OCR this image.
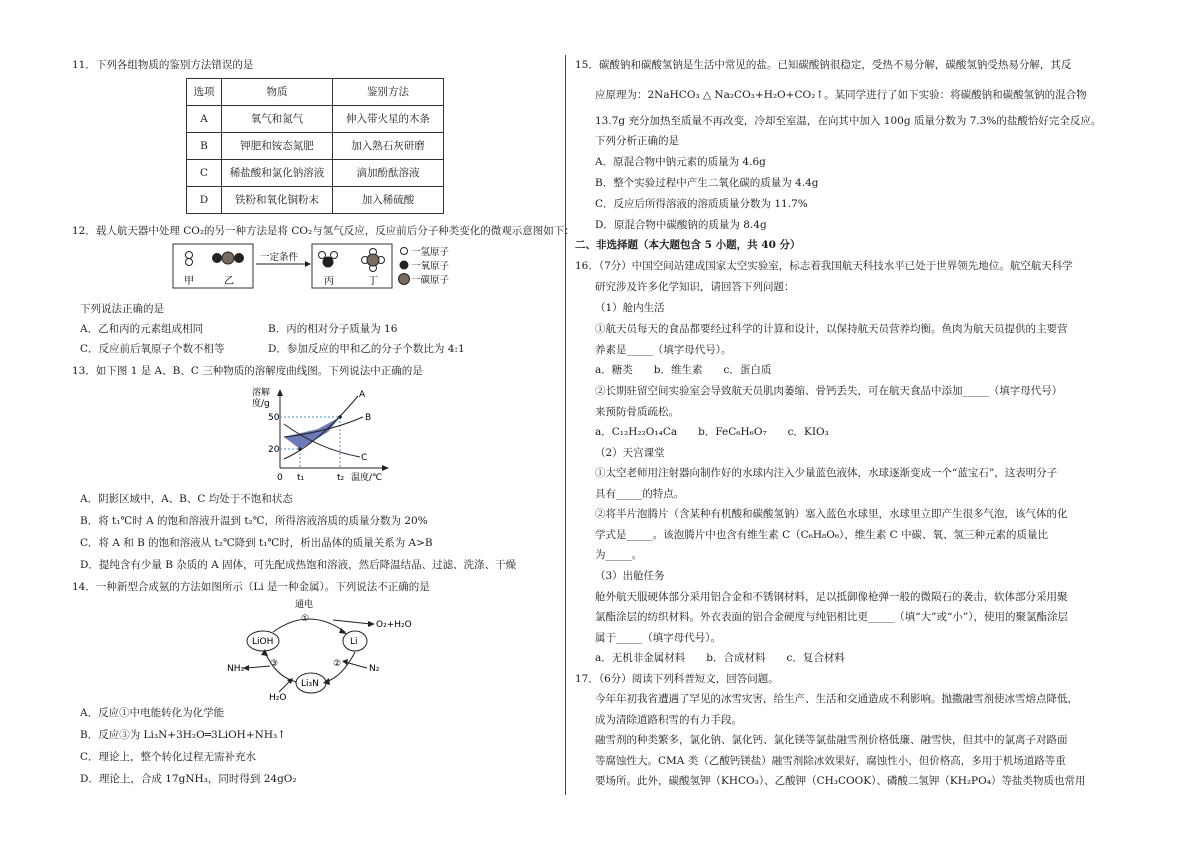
11．下列各组物质的鉴别方法错误的是
选项	物质	鉴别方法
A	氧气和氮气	伸入带火星的木条
B	钾肥和铵态氮肥	加入熟石灰研磨
C	稀盐酸和氯化钠溶液	滴加酚酞溶液
D	铁粉和氧化铜粉末	加入稀硫酸
12．载人航天器中处理 CO₂的另一种方法是将 CO₂与氢气反应，反应前后分子种类变化的微观示意图如下：
甲	乙
一定条件
丙	丁
一氢原子
一氧原子
一碳原子
下列说法正确的是
A．乙和丙的元素组成相同	B．丙的相对分子质量为 16
C．反应前后氧原子个数不相等	D．参加反应的甲和乙的分子个数比为 4:1
13．如下图 1 是 A、B、C 三种物质的溶解度曲线图。下列说法中正确的是
溶解
度/g
A
B
C
50
20
0 t₁	t₂ 温度/℃
A．阴影区域中，A、B、C 均处于不饱和状态
B．将 t₁℃时 A 的饱和溶液升温到 t₂℃，所得溶液溶质的质量分数为 20%
C．将 A 和 B 的饱和溶液从 t₂℃降到 t₁℃时，析出晶体的质量关系为 A>B
D．提纯含有少量 B 杂质的 A 固体，可先配成热饱和溶液，然后降温结晶、过滤、洗涤、干燥
14．一种新型合成氨的方法如图所示（Li 是一种金属）。下列说法不正确的是
通电
①
②
③
LiOH	Li
Li₃N
O₂+H₂O
N₂
NH₃
H₂O
A．反应①中电能转化为化学能
B．反应③为 Li₃N+3H₂O═3LiOH+NH₃↑
C．理论上，整个转化过程无需补充水
D．理论上，合成 17gNH₃，同时得到 24gO₂
15．碳酸钠和碳酸氢钠是生活中常见的盐。已知碳酸钠很稳定，受热不易分解，碳酸氢钠受热易分解，其反
应原理为：2NaHCO₃ △ Na₂CO₃+H₂O+CO₂↑。某同学进行了如下实验：将碳酸钠和碳酸氢钠的混合物
13.7g 充分加热至质量不再改变，冷却至室温，在向其中加入 100g 质量分数为 7.3%的盐酸恰好完全反应。
下列分析正确的是
A．原混合物中钠元素的质量为 4.6g
B．整个实验过程中产生二氧化碳的质量为 4.4g
C．反应后所得溶液的溶质质量分数为 11.7%
D．原混合物中碳酸钠的质量为 8.4g
二、非选择题（本大题包含 5 小题，共 40 分）
16．（7分）中国空间站建成国家太空实验室，标志着我国航天科技水平已处于世界领先地位。航空航天科学
研究涉及许多化学知识，请回答下列问题：
（1）舱内生活
①航天员每天的食品都要经过科学的计算和设计，以保持航天员营养均衡。鱼肉为航天员提供的主要营
养素是_____（填字母代号）。
a．糖类　　b．维生素　　c．蛋白质
②长期驻留空间实验室会导致航天员肌肉萎缩、骨钙丢失，可在航天食品中添加_____（填字母代号）
来预防骨质疏松。
a．C₁₂H₂₂O₁₄Ca　　b．FeC₆H₆O₇　　c．KIO₃
（2）天宫课堂
①太空老师用注射器向制作好的水球内注入少量蓝色液体，水球逐渐变成一个“蓝宝石”，这表明分子
具有_____的特点。
②将半片泡腾片（含某种有机酸和碳酸氢钠）塞入蓝色水球里，水球里立即产生很多气泡，该气体的化
学式是_____。该泡腾片中也含有维生素 C（C₆H₈O₆），维生素 C 中碳、氧、氢三种元素的质量比
为_____。
（3）出舱任务
舱外航天服硬体部分采用铝合金和不锈钢材料，足以抵御像枪弹一般的微陨石的袭击，软体部分采用聚
氯酯涂层的纺织材料。外衣表面的铝合金硬度与纯铝相比更_____（填“大”或“小”），使用的聚氯酯涂层
属于_____（填字母代号）。
a．无机非金属材料　　b．合成材料　　c．复合材料
17．（6分）阅读下列科普短文，回答问题。
今年年初我省遭遇了罕见的冰雪灾害，给生产、生活和交通造成不利影响。抛撒融雪剂使冰雪熔点降低，
成为清除道路积雪的有力手段。
融雪剂的种类繁多，氯化钠、氯化钙、氯化镁等氯盐融雪剂价格低廉、融雪快，但其中的氯离子对路面
等腐蚀性大。CMA 类（乙酸钙镁盐）融雪剂除冰效果好，腐蚀性小，但价格高，多用于机场道路等重
要场所。此外，碳酸氢钾（KHCO₃）、乙酸钾（CH₃COOK）、磷酸二氢钾（KH₂PO₄）等盐类物质也常用
